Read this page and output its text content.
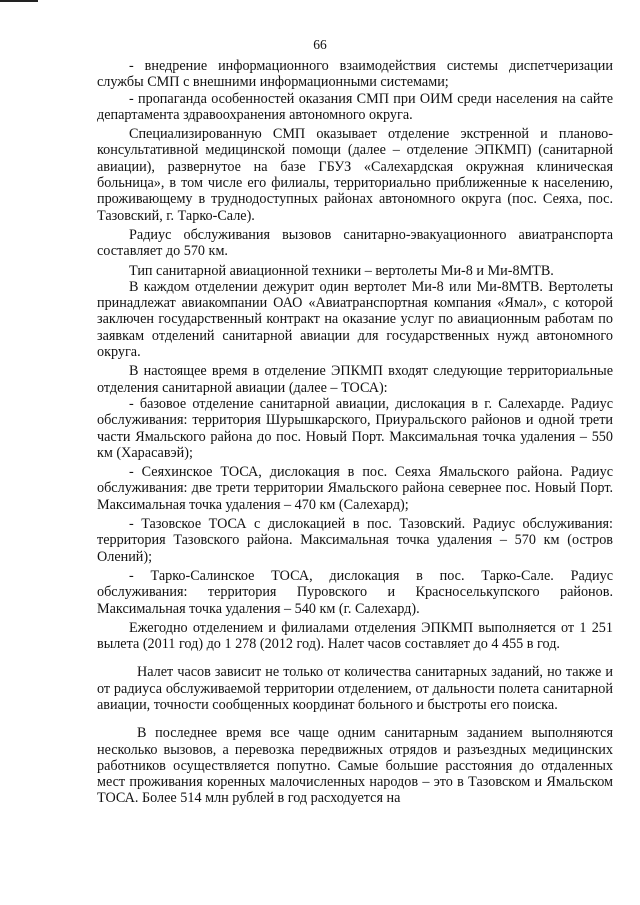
66

- внедрение информационного взаимодействия системы диспетчеризации службы СМП с внешними информационными системами;

- пропаганда особенностей оказания СМП при ОИМ среди населения на сайте департамента здравоохранения автономного округа.

Специализированную СМП оказывает отделение экстренной и планово-консультативной медицинской помощи (далее – отделение ЭПКМП) (санитарной авиации), развернутое на базе ГБУЗ «Салехардская окружная клиническая больница», в том числе его филиалы, территориально приближенные к населению, проживающему в труднодоступных районах автономного округа (пос. Сеяха, пос. Тазовский, г. Тарко-Сале).

Радиус обслуживания вызовов санитарно-эвакуационного авиатранспорта составляет до 570 км.

Тип санитарной авиационной техники – вертолеты Ми-8 и Ми-8МТВ.

В каждом отделении дежурит один вертолет Ми-8 или Ми-8МТВ. Вертолеты принадлежат авиакомпании ОАО «Авиатранспортная компания «Ямал», с которой заключен государственный контракт на оказание услуг по авиационным работам по заявкам отделений санитарной авиации для государственных нужд автономного округа.

В настоящее время в отделение ЭПКМП входят следующие территориальные отделения санитарной авиации (далее – ТОСА):

- базовое отделение санитарной авиации, дислокация в г. Салехарде. Радиус обслуживания: территория Шурышкарского, Приуральского районов и одной трети части Ямальского района до пос. Новый Порт. Максимальная точка удаления – 550 км (Харасавэй);

- Сеяхинское ТОСА, дислокация в пос. Сеяха Ямальского района. Радиус обслуживания: две трети территории Ямальского района севернее пос. Новый Порт. Максимальная точка удаления – 470 км (Салехард);

- Тазовское ТОСА с дислокацией в пос. Тазовский. Радиус обслуживания: территория Тазовского района. Максимальная точка удаления – 570 км (остров Олений);

- Тарко-Салинское ТОСА, дислокация в пос. Тарко-Сале. Радиус обслуживания: территория Пуровского и Красноселькупского районов. Максимальная точка удаления – 540 км (г. Салехард).

Ежегодно отделением и филиалами отделения ЭПКМП выполняется от 1 251 вылета (2011 год) до 1 278 (2012 год). Налет часов составляет до 4 455 в год.

Налет часов зависит не только от количества санитарных заданий, но также и от радиуса обслуживаемой территории отделением, от дальности полета санитарной авиации, точности сообщенных координат больного и быстроты его поиска.

В последнее время все чаще одним санитарным заданием выполняются несколько вызовов, а перевозка передвижных отрядов и разъездных медицинских работников осуществляется попутно. Самые большие расстояния до отдаленных мест проживания коренных малочисленных народов – это в Тазовском и Ямальском ТОСА. Более 514 млн рублей в год расходуется на
